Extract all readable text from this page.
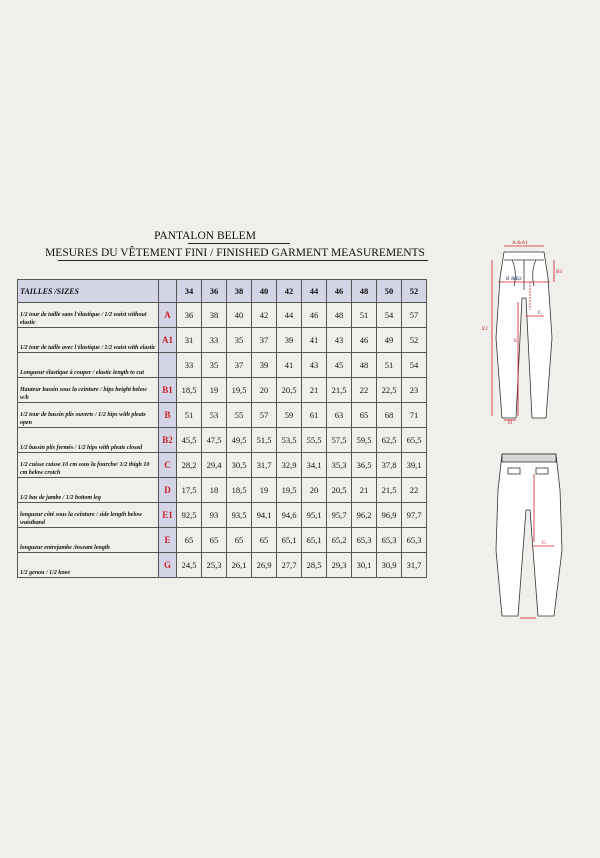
PANTALON BELEM
MESURES DU VÊTEMENT FINI / FINISHED GARMENT MEASUREMENTS
TAILLES /SIZES		34	36	38	40	42	44	46	48	50	52
1/2 tour de taille sans l'élastique / 1/2 waist without elastic	A	36	38	40	42	44	46	48	51	54	57
1/2 tour de taille avec l'élastique / 1/2 waist with elastic	A1	31	33	35	37	39	41	43	46	49	52
Longueur élastique à couper / elastic length to cut		33	35	37	39	41	43	45	48	51	54
Hauteur bassin sous la ceinture / hips height below w/b	B1	18,5	19	19,5	20	20,5	21	21,5	22	22,5	23
1/2 tour de bassin plis ouverts / 1/2 hips with pleats open	B	51	53	55	57	59	61	63	65	68	71
1/2 bassin plis fermés / 1/2 hips with pleats closed	B2	45,5	47,5	49,5	51,5	53,5	55,5	57,5	59,5	62,5	65,5
1/2 cuisse cuisse 10 cm sous la fourche/ 1/2 thigh 10 cm below crotch	C	28,2	29,4	30,5	31,7	32,9	34,1	35,3	36,5	37,8	39,1
1/2 bas de jambe / 1/2 bottom leg	D	17,5	18	18,5	19	19,5	20	20,5	21	21,5	22
longueur côté sous la ceinture / side length below waistband	E1	92,5	93	93,5	94,1	94,6	95,1	95,7	96,2	96,9	97,7
longueur entrejambe /inseam length	E	65	65	65	65	65,1	65,1	65,2	65,3	65,3	65,3
1/2 genou / 1/2 knee	G	24,5	25,3	26,1	26,9	27,7	28,5	29,3	30,1	30,9	31,7
A &A1
B1
B &B2
C
E
E1
D
G
